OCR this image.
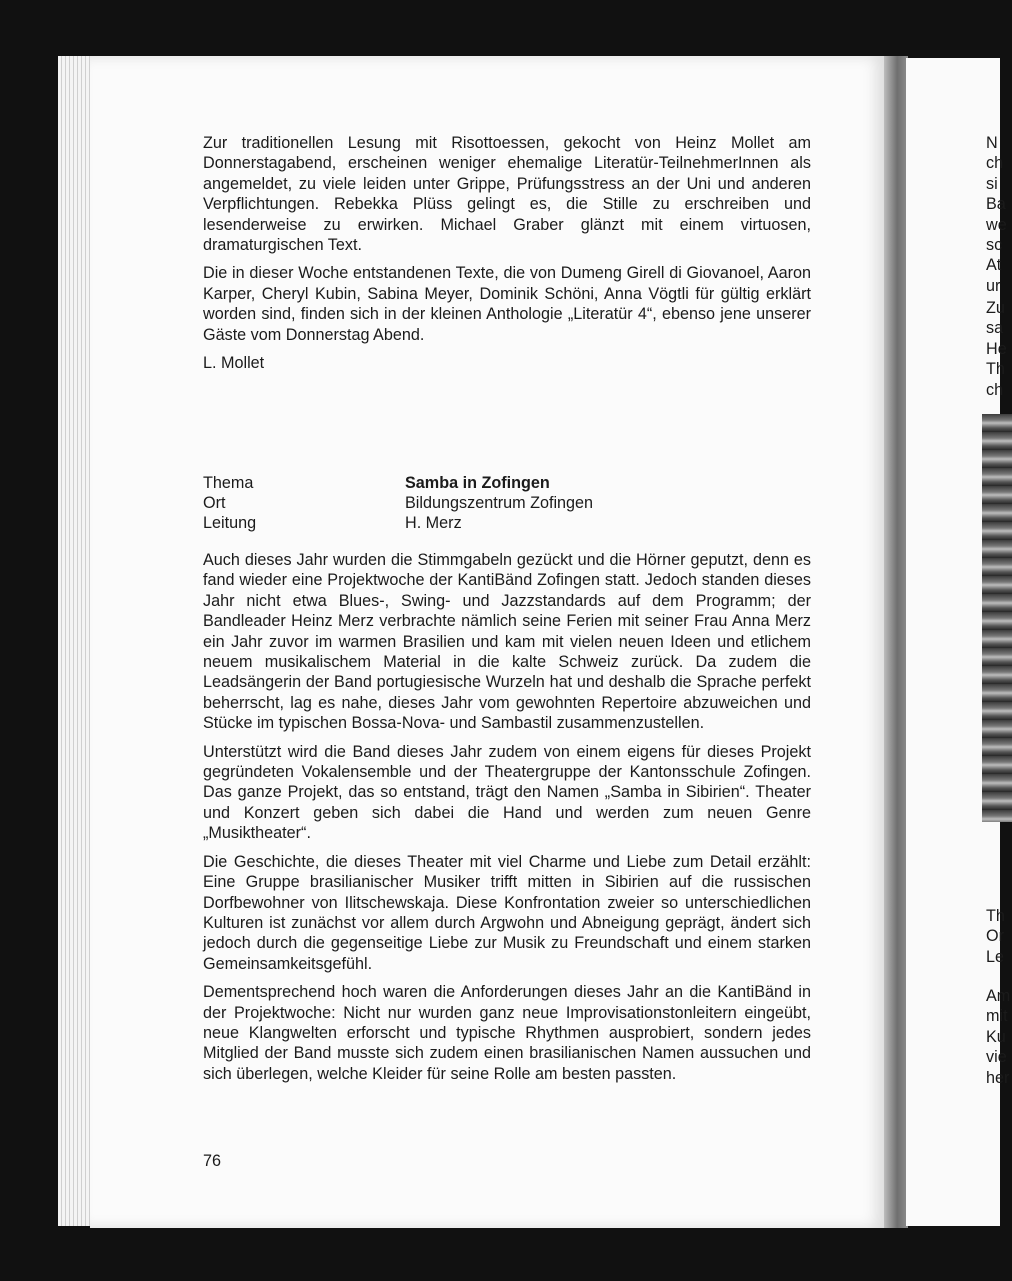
Zur traditionellen Lesung mit Risottoessen, gekocht von Heinz Mollet am Donnerstagabend, erscheinen weniger ehemalige Literatür-TeilnehmerInnen als angemeldet, zu viele leiden unter Grippe, Prüfungsstress an der Uni und anderen Verpflichtungen. Rebekka Plüss gelingt es, die Stille zu erschreiben und lesenderweise zu erwirken. Michael Graber glänzt mit einem virtuosen, dramaturgischen Text.

Die in dieser Woche entstandenen Texte, die von Dumeng Girell di Giovanoel, Aaron Karper, Cheryl Kubin, Sabina Meyer, Dominik Schöni, Anna Vögtli für gültig erklärt worden sind, finden sich in der kleinen Anthologie „Literatür 4“, ebenso jene unserer Gäste vom Donnerstag Abend.

L. Mollet

Thema	Samba in Zofingen
Ort	Bildungszentrum Zofingen
Leitung	H. Merz

Auch dieses Jahr wurden die Stimmgabeln gezückt und die Hörner geputzt, denn es fand wieder eine Projektwoche der KantiBänd Zofingen statt. Jedoch standen dieses Jahr nicht etwa Blues-, Swing- und Jazzstandards auf dem Programm; der Bandleader Heinz Merz verbrachte nämlich seine Ferien mit seiner Frau Anna Merz ein Jahr zuvor im warmen Brasilien und kam mit vielen neuen Ideen und etlichem neuem musikalischem Material in die kalte Schweiz zurück. Da zudem die Leadsängerin der Band portugiesische Wurzeln hat und deshalb die Sprache perfekt beherrscht, lag es nahe, dieses Jahr vom gewohnten Repertoire abzuweichen und Stücke im typischen Bossa-Nova- und Sambastil zusammenzustellen.

Unterstützt wird die Band dieses Jahr zudem von einem eigens für dieses Projekt gegründeten Vokalensemble und der Theatergruppe der Kantonsschule Zofingen. Das ganze Projekt, das so entstand, trägt den Namen „Samba in Sibirien“. Theater und Konzert geben sich dabei die Hand und werden zum neuen Genre „Musiktheater“.

Die Geschichte, die dieses Theater mit viel Charme und Liebe zum Detail erzählt: Eine Gruppe brasilianischer Musiker trifft mitten in Sibirien auf die russischen Dorfbewohner von Ilitschewskaja. Diese Konfrontation zweier so unterschiedlichen Kulturen ist zunächst vor allem durch Argwohn und Abneigung geprägt, ändert sich jedoch durch die gegenseitige Liebe zur Musik zu Freundschaft und einem starken Gemeinsamkeitsgefühl.

Dementsprechend hoch waren die Anforderungen dieses Jahr an die KantiBänd in der Projektwoche: Nicht nur wurden ganz neue Improvisationstonleitern eingeübt, neue Klangwelten erforscht und typische Rhythmen ausprobiert, sondern jedes Mitglied der Band musste sich zudem einen brasilianischen Namen aussuchen und sich überlegen, welche Kleider für seine Rolle am besten passten.

76
N
ch
si
Ba
we
sc
At
ur
Zu
sa
He
Th
ch
Th
Or
Le
Am
mit
Ku
vie
her
